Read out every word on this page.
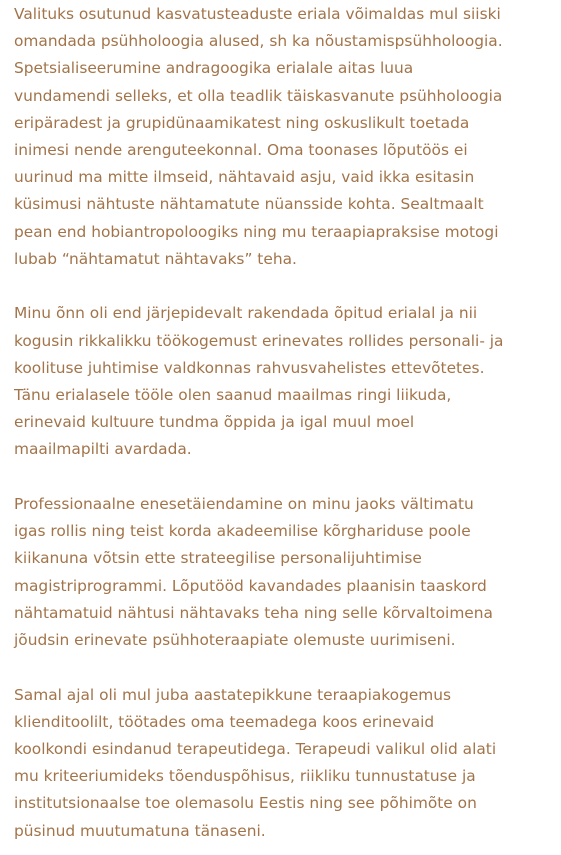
Valituks osutunud kasvatusteaduste eriala võimaldas mul siiski
omandada psühholoogia alused, sh ka nõustamispsühholoogia.
Spetsialiseerumine andragoogika erialale aitas luua
vundamendi selleks, et olla teadlik täiskasvanute psühholoogia
eripäradest ja grupidünaamikatest ning oskuslikult toetada
inimesi nende arenguteekonnal. Oma toonases lõputöös ei
uurinud ma mitte ilmseid, nähtavaid asju, vaid ikka esitasin
küsimusi nähtuste nähtamatute nüansside kohta. Sealtmaalt
pean end hobiantropoloogiks ning mu teraapiapraksise motogi
lubab “nähtamatut nähtavaks” teha.

Minu õnn oli end järjepidevalt rakendada õpitud erialal ja nii
kogusin rikkalikku töökogemust erinevates rollides personali- ja
koolituse juhtimise valdkonnas rahvusvahelistes ettevõtetes.
Tänu erialasele tööle olen saanud maailmas ringi liikuda,
erinevaid kultuure tundma õppida ja igal muul moel
maailmapilti avardada.

Professionaalne enesetäiendamine on minu jaoks vältimatu
igas rollis ning teist korda akadeemilise kõrghariduse poole
kiikanuna võtsin ette strateegilise personalijuhtimise
magistriprogrammi. Lõputööd kavandades plaanisin taaskord
nähtamatuid nähtusi nähtavaks teha ning selle kõrvaltoimena
jõudsin erinevate psühhoteraapiate olemuste uurimiseni.

Samal ajal oli mul juba aastatepikkune teraapiakogemus
klienditoolilt, töötades oma teemadega koos erinevaid
koolkondi esindanud terapeutidega. Terapeudi valikul olid alati
mu kriteeriumideks tõenduspõhisus, riikliku tunnustatuse ja
institutsionaalse toe olemasolu Eestis ning see põhimõte on
püsinud muutumatuna tänaseni.
